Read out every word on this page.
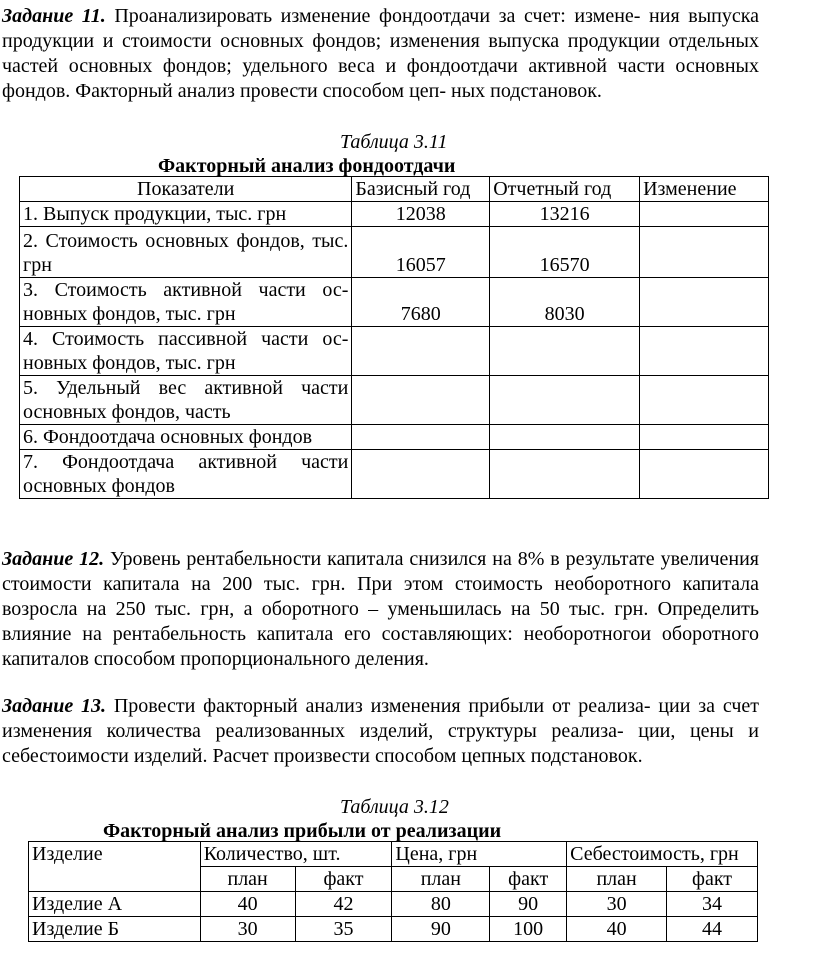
Задание 11. Проанализировать изменение фондоотдачи за счет: измене- ния выпуска продукции и стоимости основных фондов; изменения выпуска продукции отдельных частей основных фондов; удельного веса и фондоотдачи активной части основных фондов. Факторный анализ провести способом цеп- ных подстановок.

Таблица 3.11
Факторный анализ фондоотдачи
Показатели	Базисный год	Отчетный год	Изменение
1. Выпуск продукции, тыс. грн	12038	13216	
2. Стоимость основных фондов, тыс. грн	16057	16570	
3. Стоимость активной части ос- новных фондов, тыс. грн	7680	8030	
4. Стоимость пассивной части ос- новных фондов, тыс. грн			
5. Удельный вес активной части основных фондов, часть			
6. Фондоотдача основных фондов			
7. Фондоотдача активной части основных фондов			

Задание 12. Уровень рентабельности капитала снизился на 8% в результате увеличения стоимости капитала на 200 тыс. грн. При этом стоимость необоротного капитала возросла на 250 тыс. грн, а оборотного – уменьшилась на 50 тыс. грн. Определить влияние на рентабельность капитала его составляющих: необоротногои оборотного капиталов способом пропорционального деления.

Задание 13. Провести факторный анализ изменения прибыли от реализа- ции за счет изменения количества реализованных изделий, структуры реализа- ции, цены и себестоимости изделий. Расчет произвести способом цепных подстановок.

Таблица 3.12
Факторный анализ прибыли от реализации
Изделие	Количество, шт.		Цена, грн		Себестоимость, грн	
	план	факт	план	факт	план	факт
Изделие А	40	42	80	90	30	34
Изделие Б	30	35	90	100	40	44
